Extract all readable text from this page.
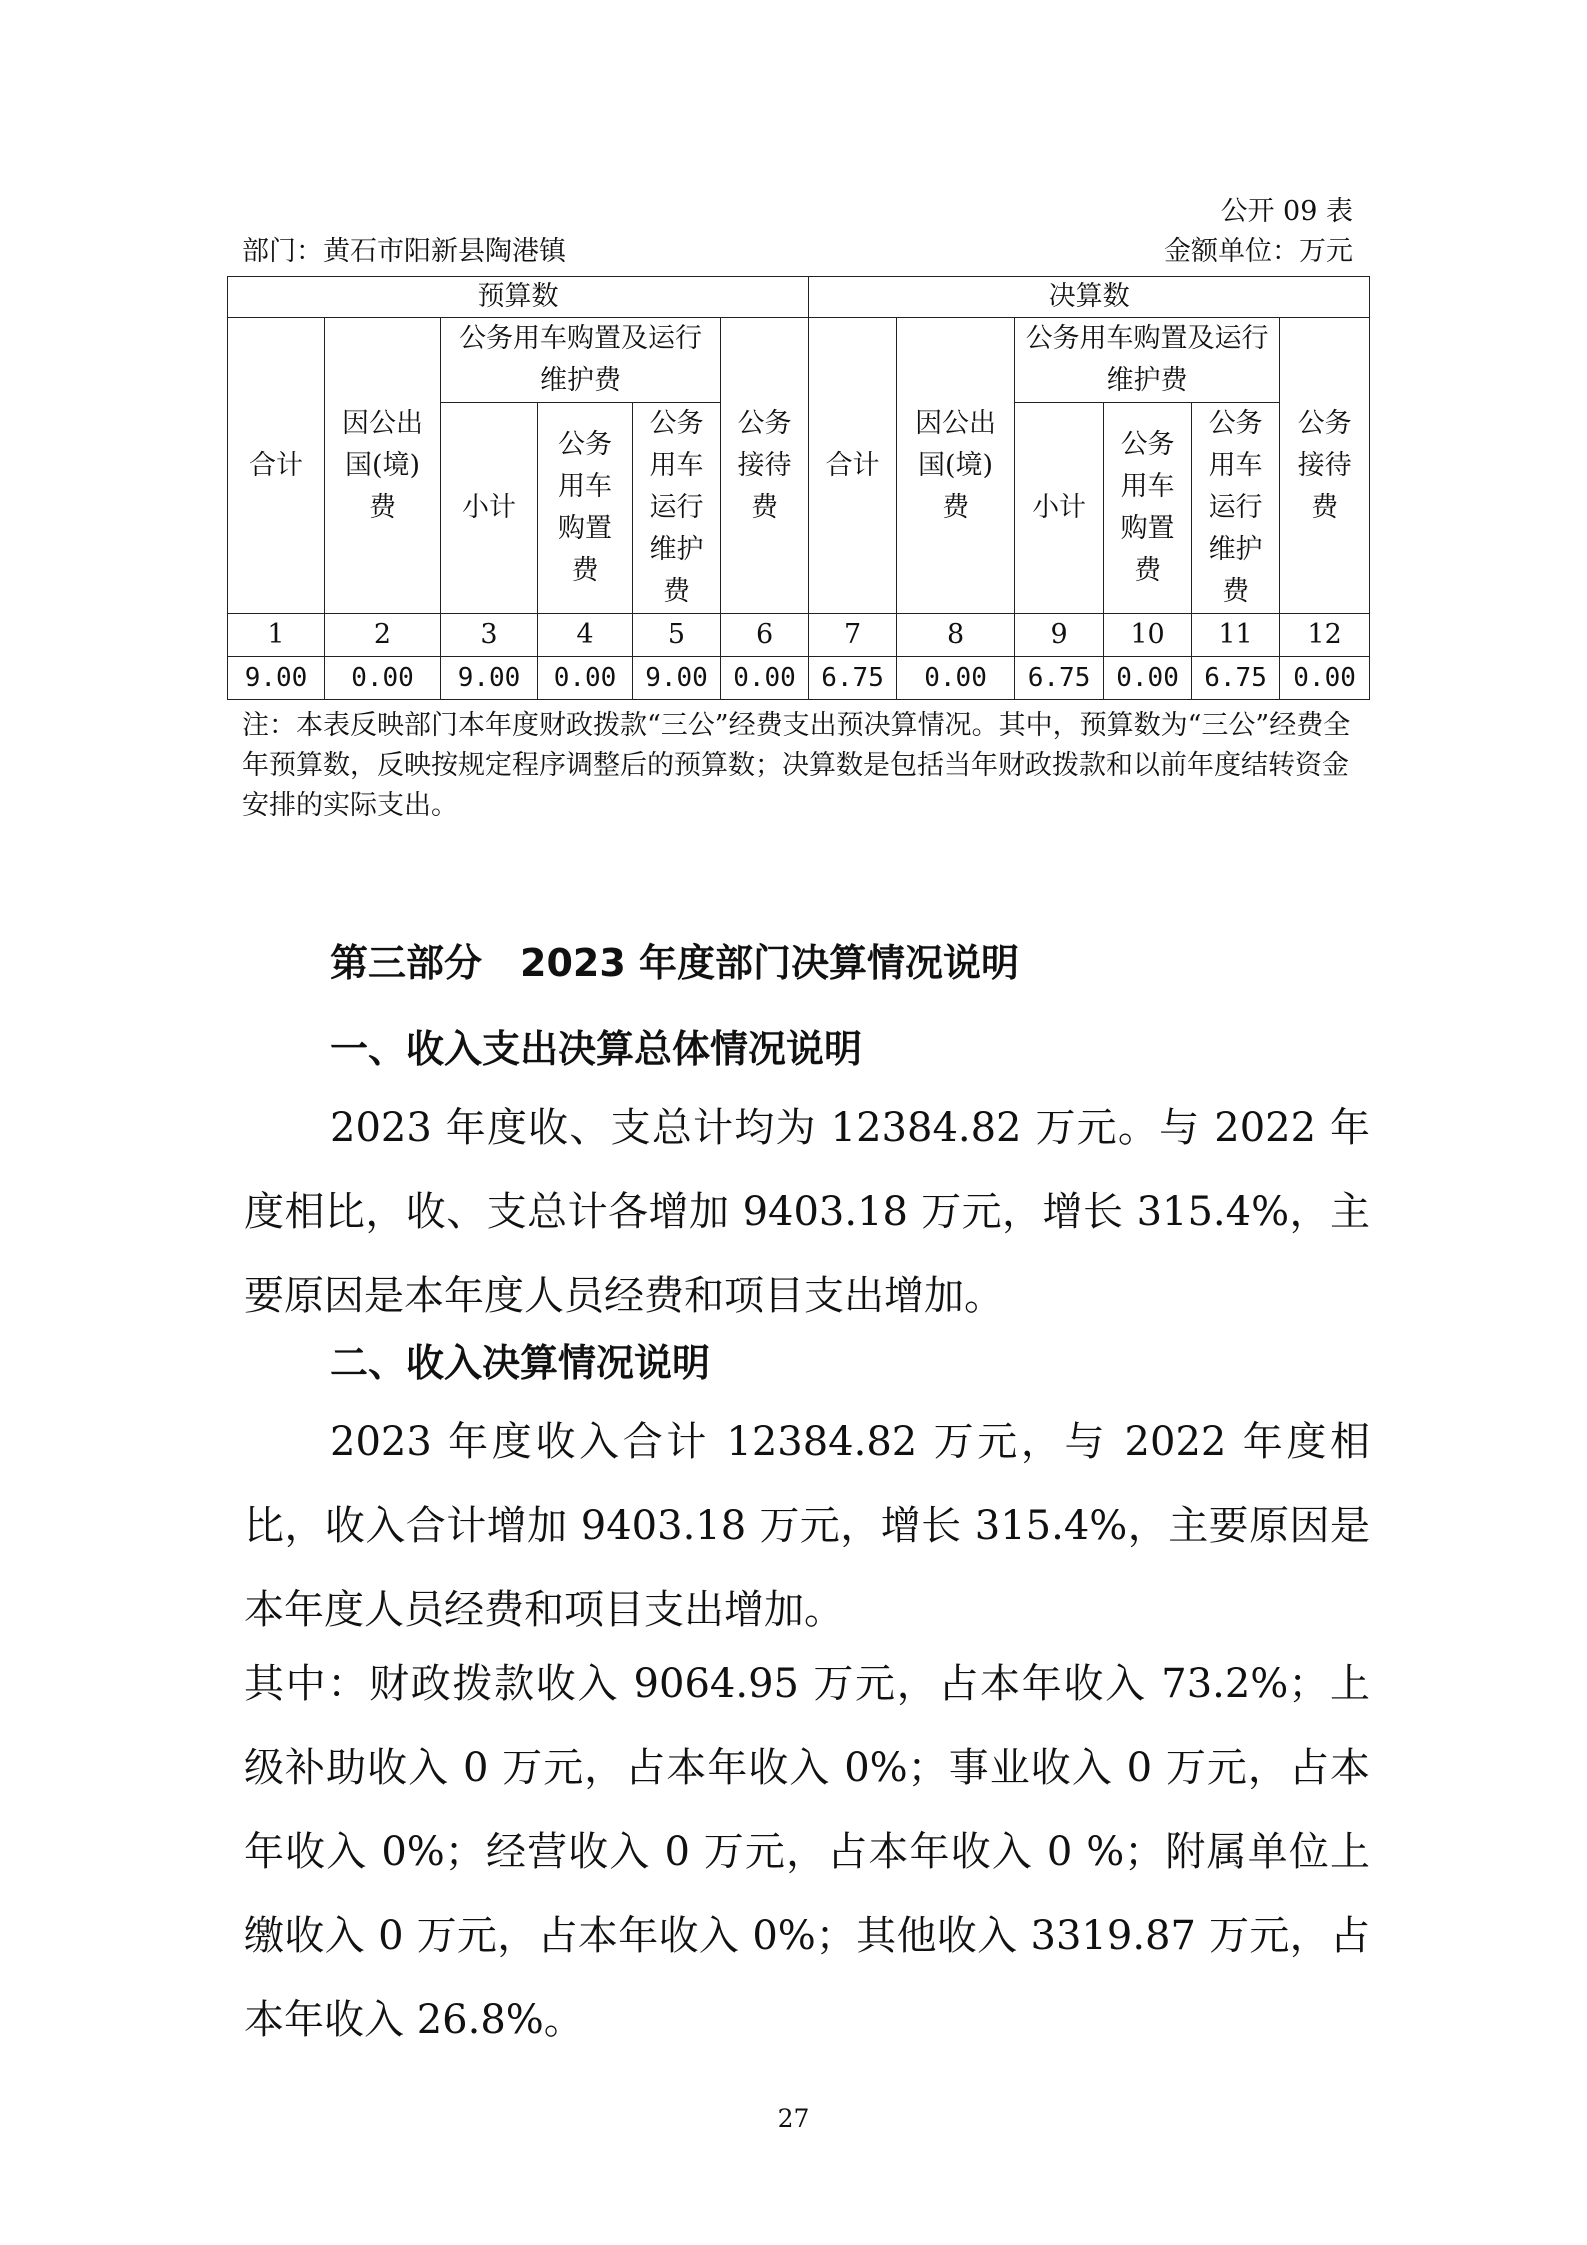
公开 09 表
部门：黄石市阳新县陶港镇	金额单位：万元
预算数						决算数					
合计	因公出国(境)费	公务用车购置及运行维护费			公务接待费	合计	因公出国(境)费	公务用车购置及运行维护费			公务接待费

		小计	公务用车购置费	公务用车运行维护费				小计	公务用车购置费	公务用车运行维护费	

1	2	3	4	5	6	7	8	9	10	11	12
9.00	0.00	9.00	0.00	9.00	0.00	6.75	0.00	6.75	0.00	6.75	0.00
注：本表反映部门本年度财政拨款“三公”经费支出预决算情况。其中，预算数为“三公”经费全年预算数，反映按规定程序调整后的预算数；决算数是包括当年财政拨款和以前年度结转资金安排的实际支出。
第三部分　2023 年度部门决算情况说明
一、收入支出决算总体情况说明
2023 年度收、支总计均为 12384.82 万元。与 2022 年度相比，收、支总计各增加 9403.18 万元，增长 315.4%，主要原因是本年度人员经费和项目支出增加。
二、收入决算情况说明
2023 年度收入合计 12384.82 万元，与 2022 年度相比，收入合计增加 9403.18 万元，增长 315.4%，主要原因是本年度人员经费和项目支出增加。
其中：财政拨款收入 9064.95 万元，占本年收入 73.2%；上级补助收入 0 万元，占本年收入 0%；事业收入 0 万元，占本年收入 0%；经营收入 0 万元，占本年收入 0 %；附属单位上缴收入 0 万元，占本年收入 0%；其他收入 3319.87 万元，占本年收入 26.8%。
27
